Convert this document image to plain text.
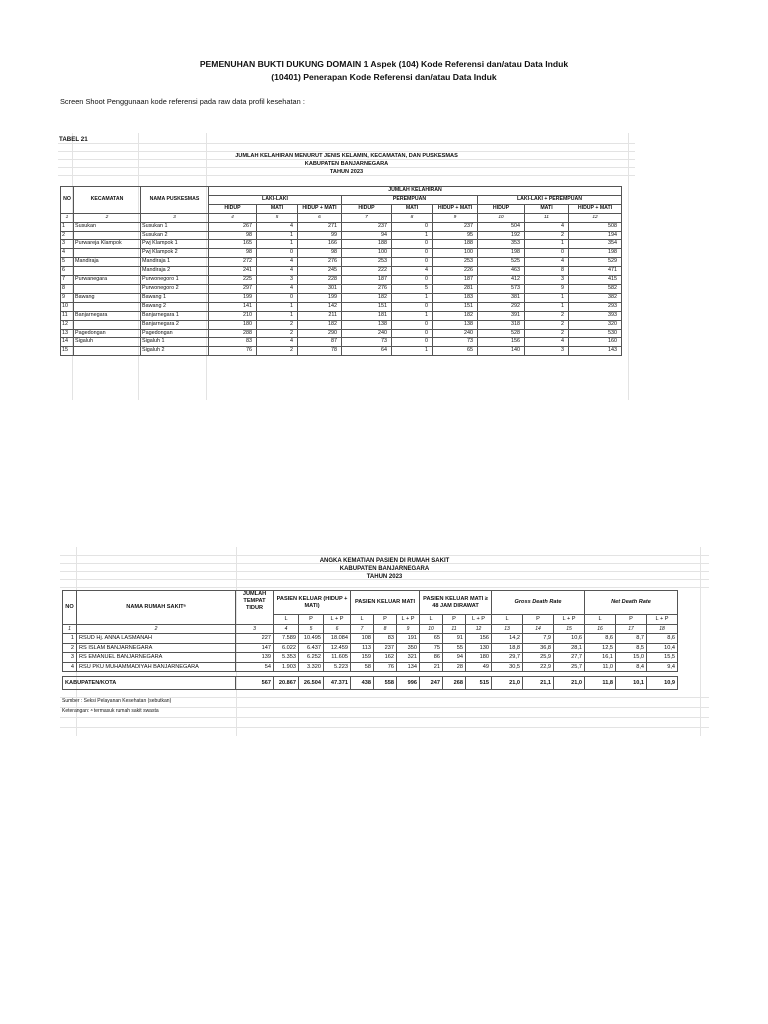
PEMENUHAN BUKTI DUKUNG DOMAIN 1 Aspek (104) Kode Referensi dan/atau Data Induk
(10401) Penerapan Kode Referensi dan/atau Data Induk
Screen Shoot Penggunaan kode referensi pada raw data profil kesehatan :
TABEL 21
JUMLAH KELAHIRAN MENURUT JENIS KELAMIN, KECAMATAN, DAN PUSKESMAS
KABUPATEN BANJARNEGARA
TAHUN 2023
			JUMLAH KELAHIRAN								
NO	KECAMATAN	NAMA PUSKESMAS	LAKI-LAKI			PEREMPUAN			LAKI-LAKI + PEREMPUAN		
			HIDUP	MATI	HIDUP + MATI	HIDUP	MATI	HIDUP + MATI	HIDUP	MATI	HIDUP + MATI
1	2	3	4	5	6	7	8	9	10	11	12
1	Susukan	Susukan 1	267	4	271	237	0	237	504	4	508
2		Susukan 2	98	1	99	94	1	95	192	2	194
3	Purwareja Klampok	Pwj Klampok 1	165	1	166	188	0	188	353	1	354
4		Pwj Klampok 2	98	0	98	100	0	100	198	0	198
5	Mandiraja	Mandiraja 1	272	4	276	253	0	253	525	4	529
6		Mandiraja 2	241	4	245	222	4	226	463	8	471
7	Purwanegara	Purwonegoro 1	225	3	228	187	0	187	412	3	415
8		Purwonegoro 2	297	4	301	276	5	281	573	9	582
9	Bawang	Bawang 1	199	0	199	182	1	183	381	1	382
10		Bawang 2	141	1	142	151	0	151	292	1	293
11	Banjarnegara	Banjarnegara 1	210	1	211	181	1	182	391	2	393
12		Banjarnegara 2	180	2	182	138	0	138	318	2	320
13	Pagedongan	Pagedongan	288	2	290	240	0	240	528	2	530
14	Sigaluh	Sigaluh 1	83	4	87	73	0	73	156	4	160
15		Sigaluh 2	76	2	78	64	1	65	140	3	143
ANGKA KEMATIAN PASIEN DI RUMAH SAKIT
KABUPATEN BANJARNEGARA
TAHUN 2023
NO	NAMA RUMAH SAKITᵃ	JUMLAH TEMPAT TIDUR	PASIEN KELUAR (HIDUP + MATI)			PASIEN KELUAR MATI			PASIEN KELUAR MATI ≥ 48 JAM DIRAWAT			Gross Death Rate			Net Death Rate		
			L	P	L + P	L	P	L + P	L	P	L + P	L	P	L + P	L	P	L + P
1	2	3	4	5	6	7	8	9	10	11	12	13	14	15	16	17	18
1	RSUD Hj. ANNA LASMANAH	227	7.589	10.495	18.084	108	83	191	65	91	156	14,2	7,9	10,6	8,6	8,7	8,6
2	RS ISLAM BANJARNEGARA	147	6.022	6.437	12.459	113	237	350	75	55	130	18,8	36,8	28,1	12,5	8,5	10,4
3	RS EMANUEL BANJARNEGARA	139	5.353	6.252	11.605	159	162	321	86	94	180	29,7	25,9	27,7	16,1	15,0	15,5
4	RSU PKU MUHAMMADIYAH BANJARNEGARA	54	1.903	3.320	5.223	58	76	134	21	28	49	30,5	22,9	25,7	11,0	8,4	9,4

KABUPATEN/KOTA		567	20.867	26.504	47.371	438	558	996	247	268	515	21,0	21,1	21,0	11,8	10,1	10,9
Sumber : Seksi Pelayanan Kesehatan (sebutkan)
Keterangan: ᵃ termasuk rumah sakit swasta
